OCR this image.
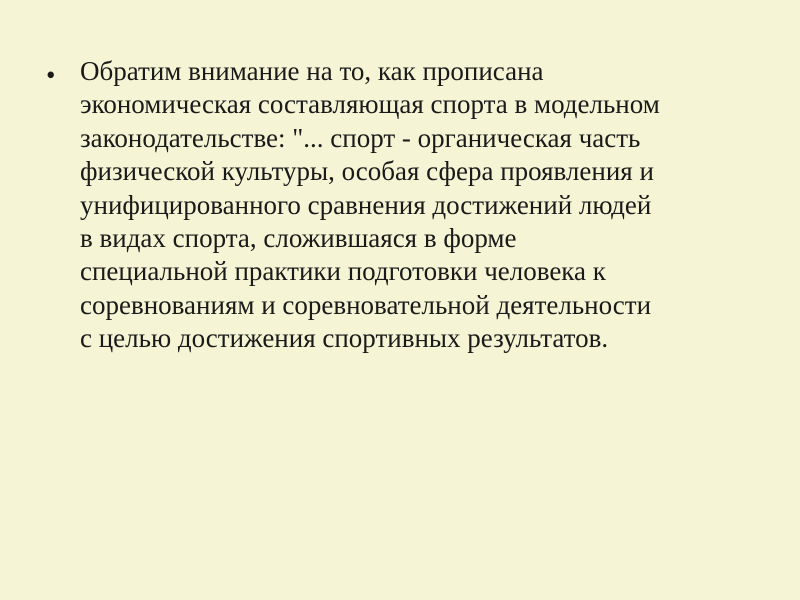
• Обратим внимание на то, как прописана
экономическая составляющая спорта в модельном
законодательстве: "... спорт - органическая часть
физической культуры, особая сфера проявления и
унифицированного сравнения достижений людей
в видах спорта, сложившаяся в форме
специальной практики подготовки человека к
соревнованиям и соревновательной деятельности
с целью достижения спортивных результатов.
